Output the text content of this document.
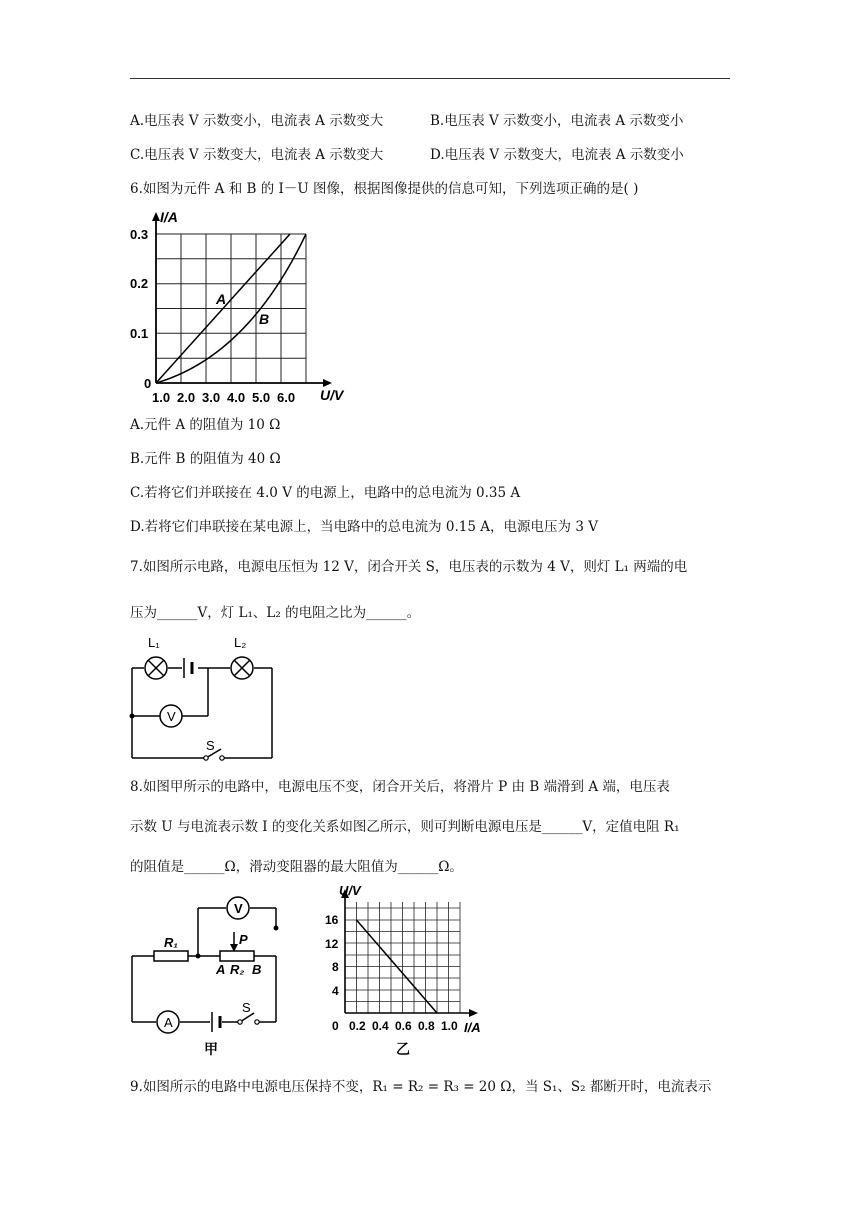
A.电压表 V 示数变小，电流表 A 示数变大	B.电压表 V 示数变小，电流表 A 示数变小
C.电压表 V 示数变大，电流表 A 示数变大	D.电压表 V 示数变大，电流表 A 示数变小
6.如图为元件 A 和 B 的 I－U 图像，根据图像提供的信息可知，下列选项正确的是( )
I/A
U/V
0
0.1
0.2
0.3
1.0 2.0 3.0 4.0 5.0 6.0
A
B
A.元件 A 的阻值为 10 Ω
B.元件 B 的阻值为 40 Ω
C.若将它们并联接在 4.0 V 的电源上，电路中的总电流为 0.35 A
D.若将它们串联接在某电源上，当电路中的总电流为 0.15 A，电源电压为 3 V
7.如图所示电路，电源电压恒为 12 V，闭合开关 S，电压表的示数为 4 V，则灯 L₁ 两端的电
压为______V，灯 L₁、L₂ 的电阻之比为______。
V
L₁	L₂
S
8.如图甲所示的电路中，电源电压不变，闭合开关后，将滑片 P 由 B 端滑到 A 端，电压表
示数 U 与电流表示数 I 的变化关系如图乙所示，则可判断电源电压是______V，定值电阻 R₁
的阻值是______Ω，滑动变阻器的最大阻值为______Ω。
V
R₁	P
A R₂ B
A
S
甲
U/V
I/A
0
4
8
12
16
0.2 0.4 0.6 0.8 1.0
乙
9.如图所示的电路中电源电压保持不变，R₁ = R₂ = R₃ = 20 Ω，当 S₁、S₂ 都断开时，电流表示
